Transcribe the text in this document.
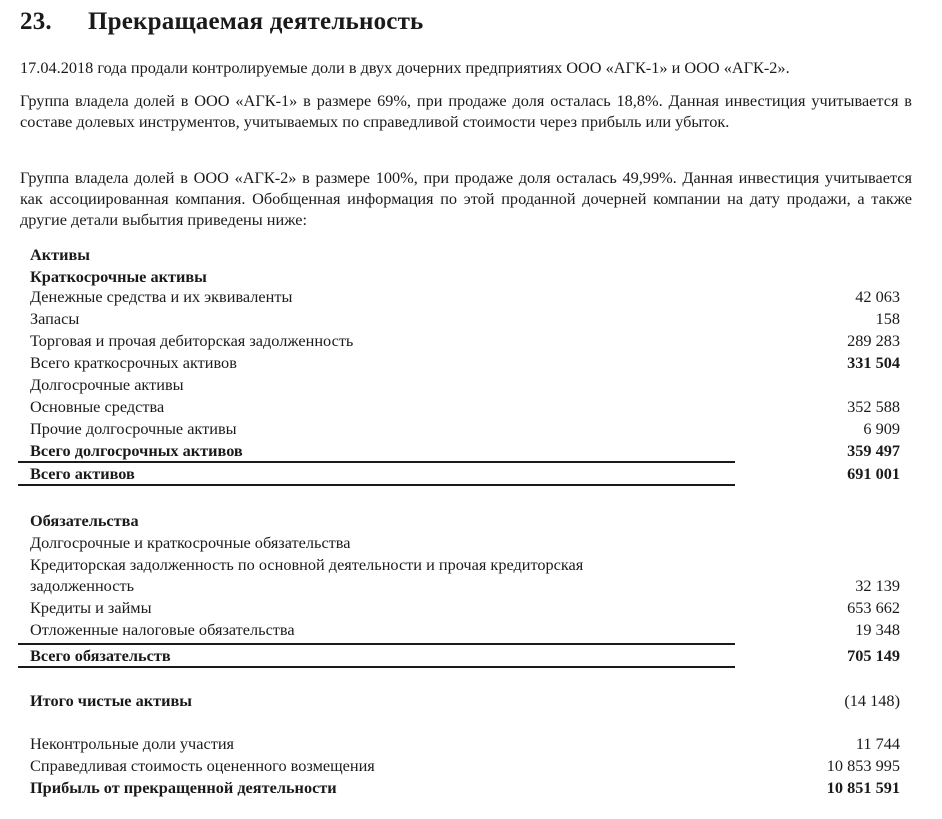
23. Прекращаемая деятельность
17.04.2018 года продали контролируемые доли в двух дочерних предприятиях ООО «АГК-1» и ООО «АГК-2».
Группа владела долей в ООО «АГК-1» в размере 69%, при продаже доля осталась 18,8%. Данная инвестиция учитывается в составе долевых инструментов, учитываемых по справедливой стоимости через прибыль или убыток.
Группа владела долей в ООО «АГК-2» в размере 100%, при продаже доля осталась 49,99%. Данная инвестиция учитывается как ассоциированная компания. Обобщенная информация по этой проданной дочерней компании на дату продажи, а также другие детали выбытия приведены ниже:
Активы
Краткосрочные активы
Денежные средства и их эквиваленты	42 063
Запасы	158
Торговая и прочая дебиторская задолженность	289 283
Всего краткосрочных активов	331 504
Долгосрочные активы
Основные средства	352 588
Прочие долгосрочные активы	6 909
Всего долгосрочных активов	359 497
Всего активов	691 001
Обязательства
Долгосрочные и краткосрочные обязательства
Кредиторская задолженность по основной деятельности и прочая кредиторская
задолженность	32 139
Кредиты и займы	653 662
Отложенные налоговые обязательства	19 348
Всего обязательств	705 149
Итого чистые активы	(14 148)
Неконтрольные доли участия	11 744
Справедливая стоимость оцененного возмещения	10 853 995
Прибыль от прекращенной деятельности	10 851 591
